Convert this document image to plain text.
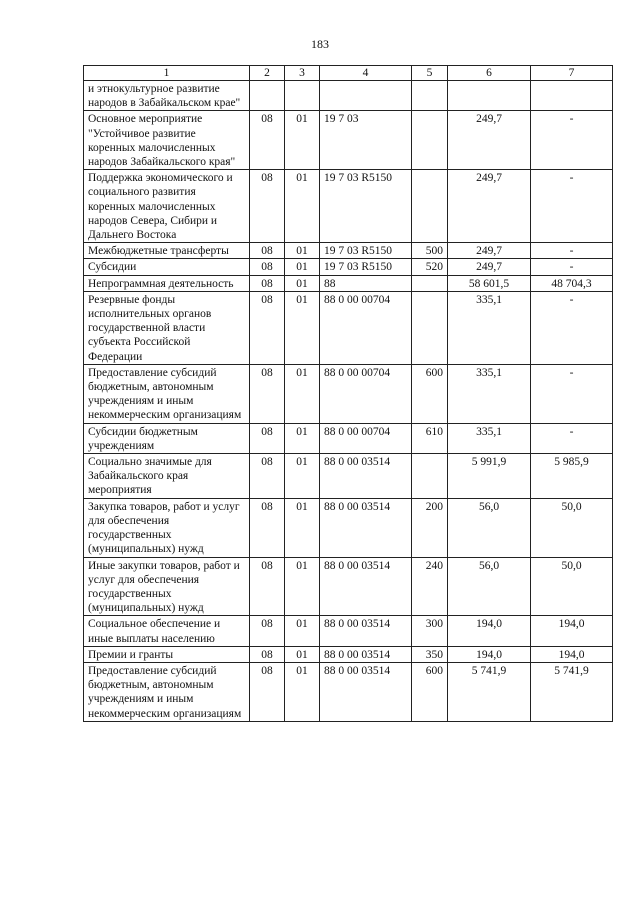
183
1	2	3	4	5	6	7
и этнокультурное развитие народов в Забайкальском крае"						
Основное мероприятие "Устойчивое развитие коренных малочисленных народов Забайкальского края"	08	01	19 7 03		249,7	-
Поддержка экономического и социального развития коренных малочисленных народов Севера, Сибири и Дальнего Востока	08	01	19 7 03 R5150		249,7	-
Межбюджетные трансферты	08	01	19 7 03 R5150	500	249,7	-
Субсидии	08	01	19 7 03 R5150	520	249,7	-
Непрограммная деятельность	08	01	88		58 601,5	48 704,3
Резервные фонды исполнительных органов государственной власти субъекта Российской Федерации	08	01	88 0 00 00704		335,1	-
Предоставление субсидий бюджетным, автономным учреждениям и иным некоммерческим организациям	08	01	88 0 00 00704	600	335,1	-
Субсидии бюджетным учреждениям	08	01	88 0 00 00704	610	335,1	-
Социально значимые для Забайкальского края мероприятия	08	01	88 0 00 03514		5 991,9	5 985,9
Закупка товаров, работ и услуг для обеспечения государственных (муниципальных) нужд	08	01	88 0 00 03514	200	56,0	50,0
Иные закупки товаров, работ и услуг для обеспечения государственных (муниципальных) нужд	08	01	88 0 00 03514	240	56,0	50,0
Социальное обеспечение и иные выплаты населению	08	01	88 0 00 03514	300	194,0	194,0
Премии и гранты	08	01	88 0 00 03514	350	194,0	194,0
Предоставление субсидий бюджетным, автономным учреждениям и иным некоммерческим организациям	08	01	88 0 00 03514	600	5 741,9	5 741,9
